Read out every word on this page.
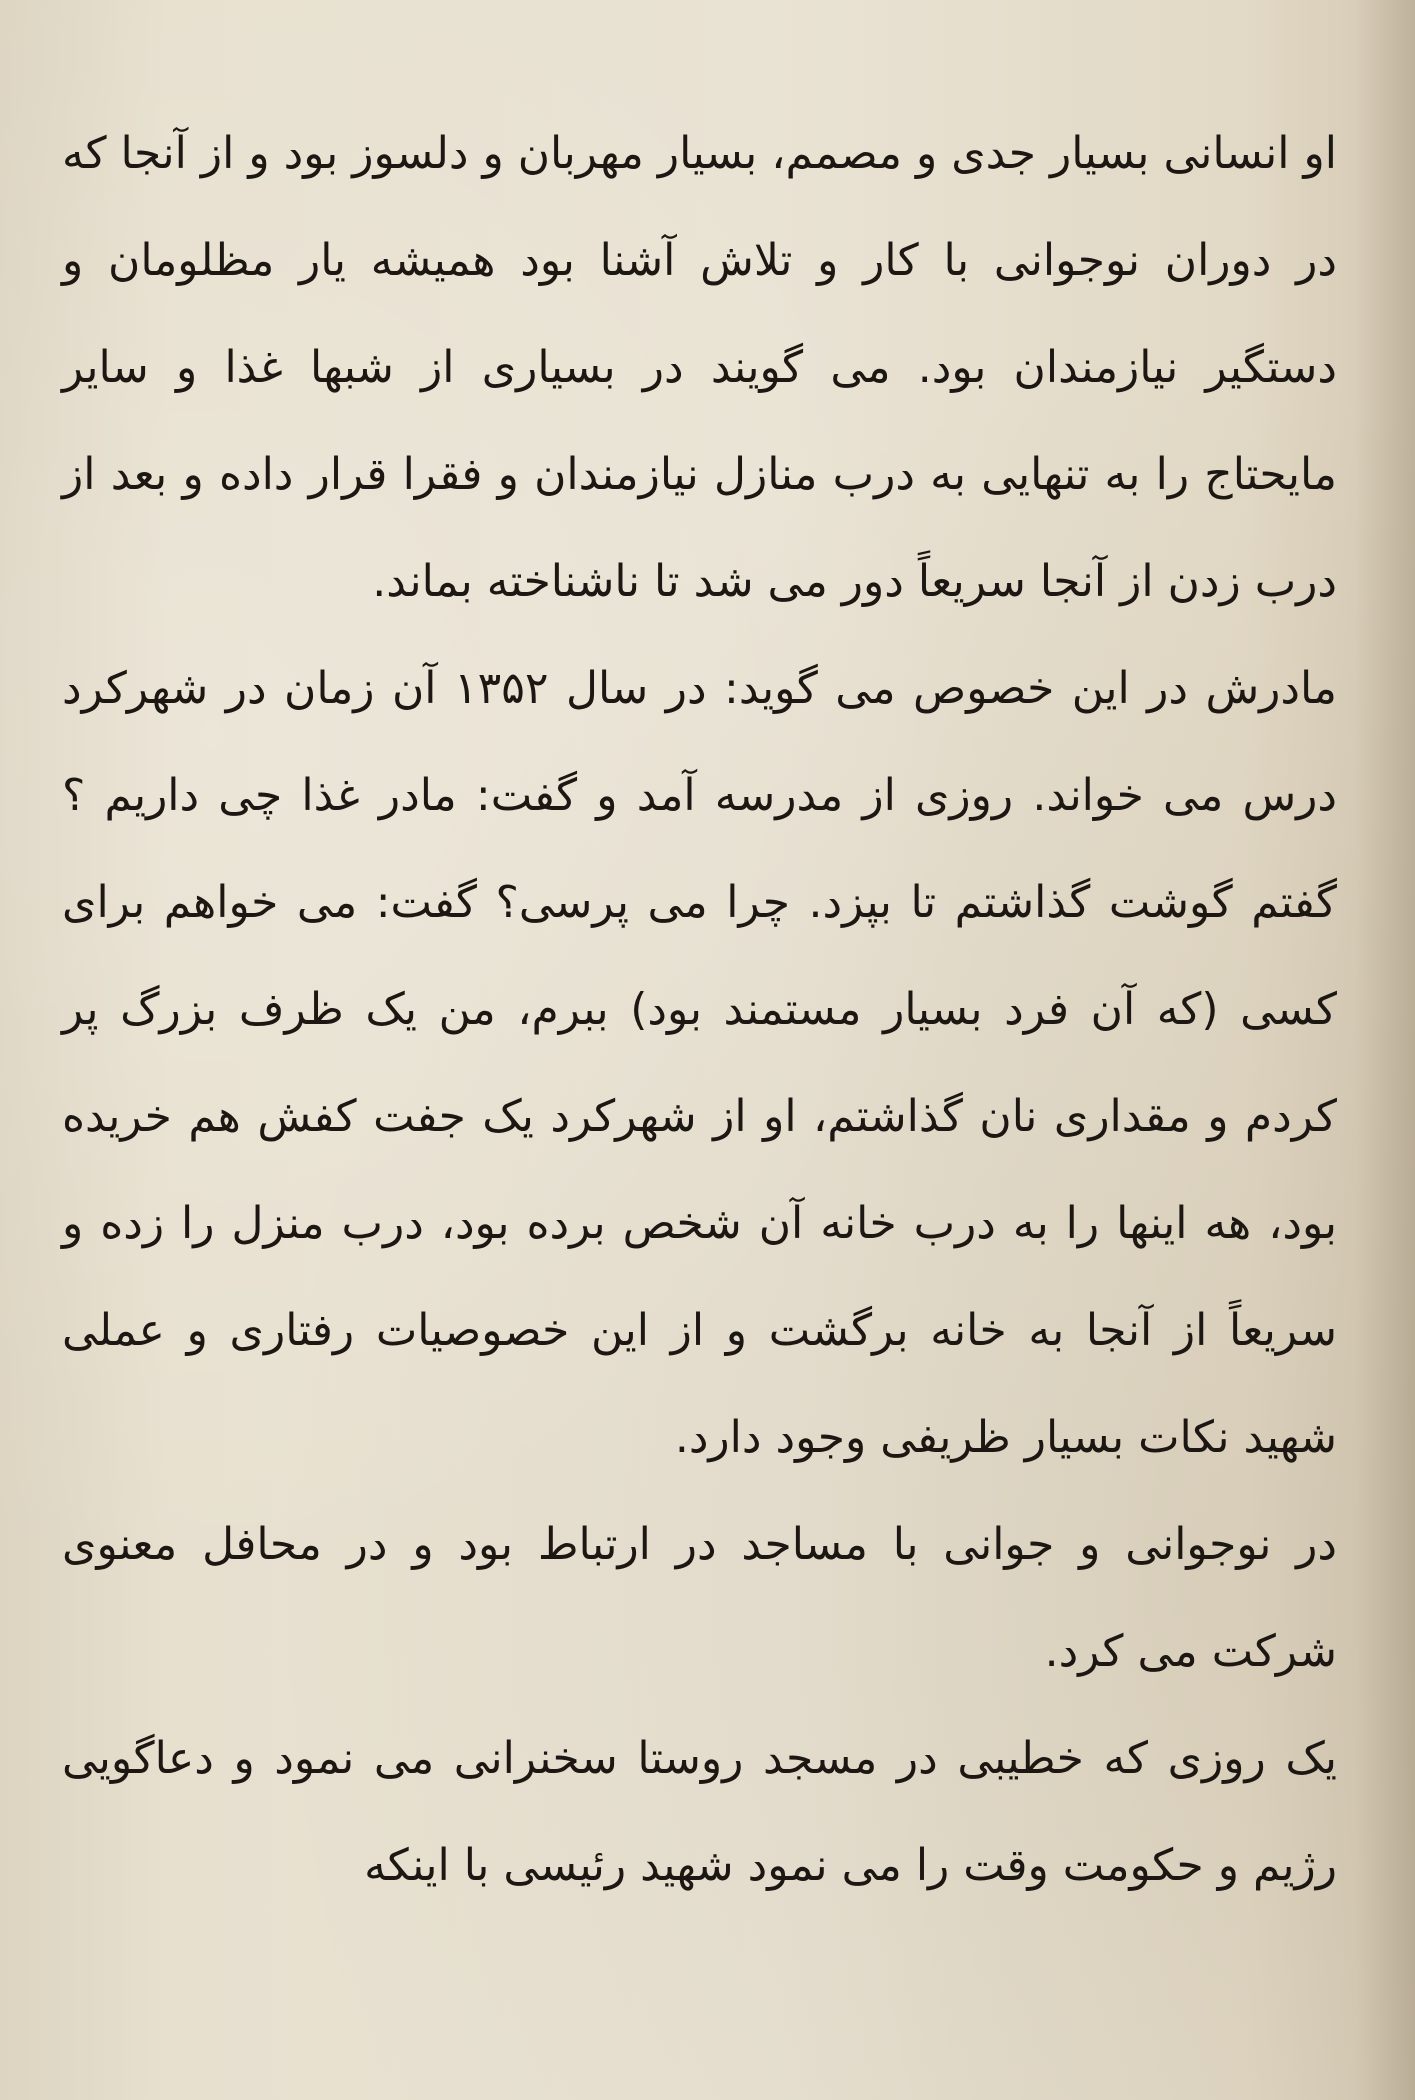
او انسانی بسیار جدی و مصمم، بسیار مهربان و دلسوز بود و از آنجا که در دوران نوجوانی با کار و تلاش آشنا بود همیشه یار مظلومان و دستگیر نیازمندان بود. می گویند در بسیاری از شبها غذا و سایر مایحتاج را به تنهایی به درب منازل نیازمندان و فقرا قرار داده و بعد از درب زدن از آنجا سریعاً دور می شد تا ناشناخته بماند.

مادرش در این خصوص می گوید: در سال ۱۳۵۲ آن زمان در شهرکرد درس می خواند. روزی از مدرسه آمد و گفت: مادر غذا چی داریم ؟ گفتم گوشت گذاشتم تا بپزد. چرا می پرسی؟ گفت: می خواهم برای کسی (که آن فرد بسیار مستمند بود) ببرم، من یک ظرف بزرگ پر کردم و مقداری نان گذاشتم، او از شهرکرد یک جفت کفش هم خریده بود، هه اینها را به درب خانه آن شخص برده بود، درب منزل را زده و سریعاً از آنجا به خانه برگشت و از این خصوصیات رفتاری و عملی شهید نکات بسیار ظریفی وجود دارد.

در نوجوانی و جوانی با مساجد در ارتباط بود و در محافل معنوی شرکت می کرد.

یک روزی که خطیبی در مسجد روستا سخنرانی می نمود و دعاگویی رژیم و حکومت وقت را می نمود شهید رئیسی با اینکه
